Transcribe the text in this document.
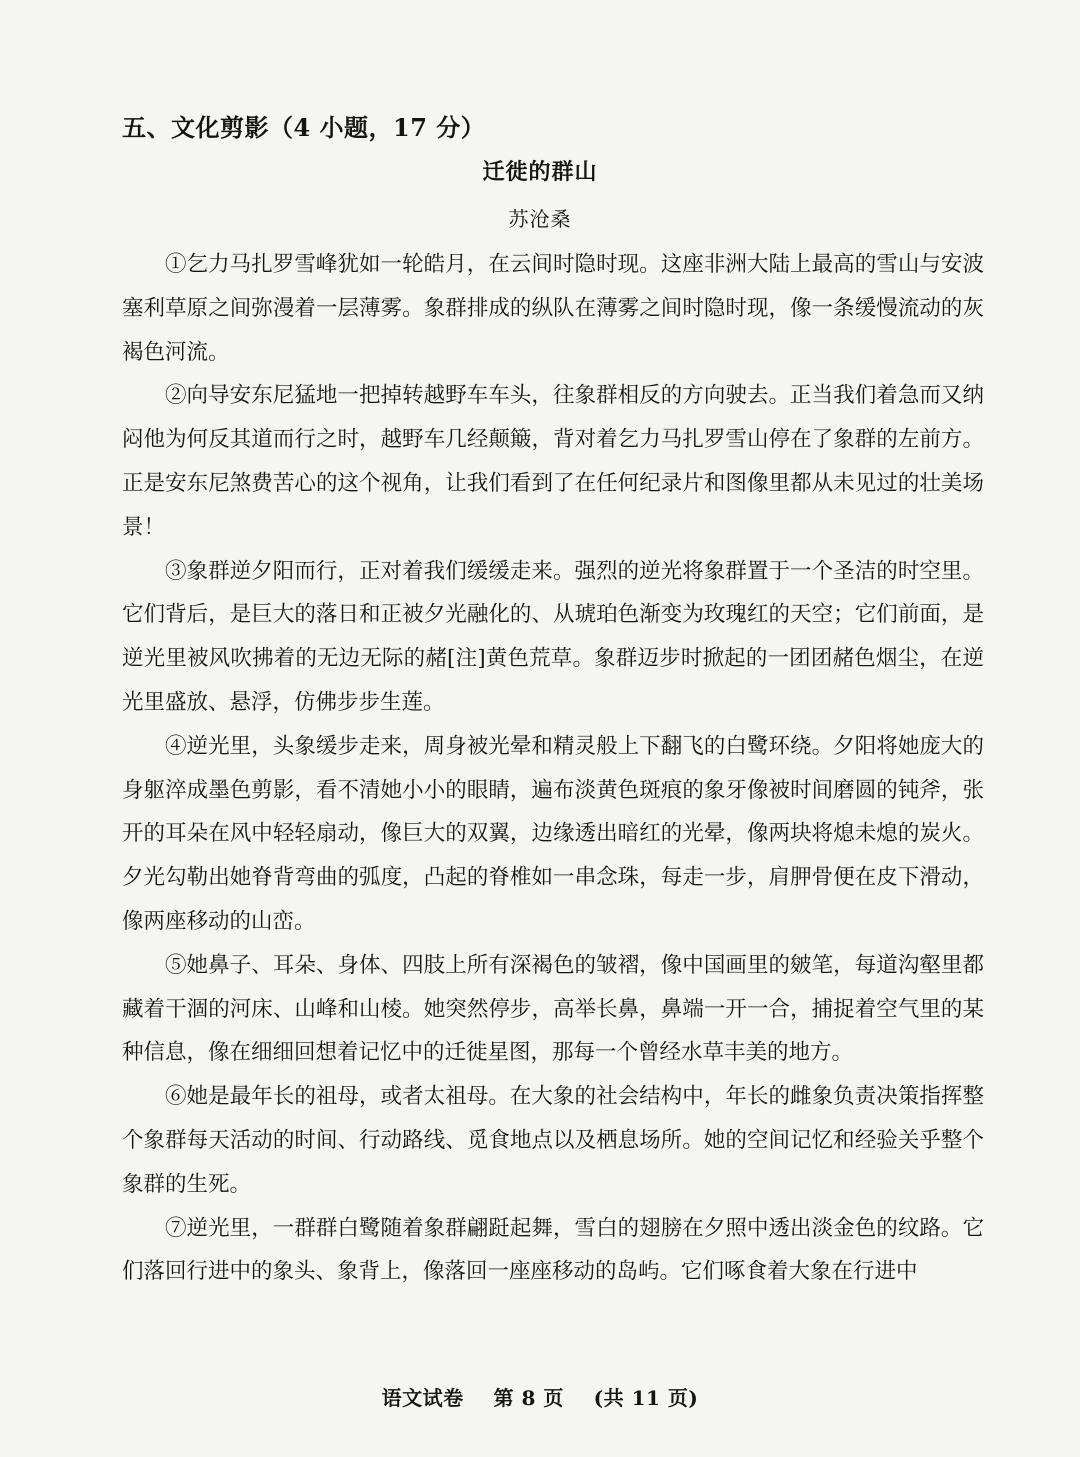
五、文化剪影（4 小题，17 分）
迁徙的群山
苏沧桑

①乞力马扎罗雪峰犹如一轮皓月，在云间时隐时现。这座非洲大陆上最高的雪山与安波塞利草原之间弥漫着一层薄雾。象群排成的纵队在薄雾之间时隐时现，像一条缓慢流动的灰褐色河流。

②向导安东尼猛地一把掉转越野车车头，往象群相反的方向驶去。正当我们着急而又纳闷他为何反其道而行之时，越野车几经颠簸，背对着乞力马扎罗雪山停在了象群的左前方。正是安东尼煞费苦心的这个视角，让我们看到了在任何纪录片和图像里都从未见过的壮美场景！

③象群逆夕阳而行，正对着我们缓缓走来。强烈的逆光将象群置于一个圣洁的时空里。它们背后，是巨大的落日和正被夕光融化的、从琥珀色渐变为玫瑰红的天空；它们前面，是逆光里被风吹拂着的无边无际的赭[注]黄色荒草。象群迈步时掀起的一团团赭色烟尘，在逆光里盛放、悬浮，仿佛步步生莲。

④逆光里，头象缓步走来，周身被光晕和精灵般上下翻飞的白鹭环绕。夕阳将她庞大的身躯淬成墨色剪影，看不清她小小的眼睛，遍布淡黄色斑痕的象牙像被时间磨圆的钝斧，张开的耳朵在风中轻轻扇动，像巨大的双翼，边缘透出暗红的光晕，像两块将熄未熄的炭火。夕光勾勒出她脊背弯曲的弧度，凸起的脊椎如一串念珠，每走一步，肩胛骨便在皮下滑动，像两座移动的山峦。

⑤她鼻子、耳朵、身体、四肢上所有深褐色的皱褶，像中国画里的皴笔，每道沟壑里都藏着干涸的河床、山峰和山棱。她突然停步，高举长鼻，鼻端一开一合，捕捉着空气里的某种信息，像在细细回想着记忆中的迁徙星图，那每一个曾经水草丰美的地方。

⑥她是最年长的祖母，或者太祖母。在大象的社会结构中，年长的雌象负责决策指挥整个象群每天活动的时间、行动路线、觅食地点以及栖息场所。她的空间记忆和经验关乎整个象群的生死。

⑦逆光里，一群群白鹭随着象群翩跹起舞，雪白的翅膀在夕照中透出淡金色的纹路。它们落回行进中的象头、象背上，像落回一座座移动的岛屿。它们啄食着大象在行进中

语文试卷    第 8 页    (共 11 页)
